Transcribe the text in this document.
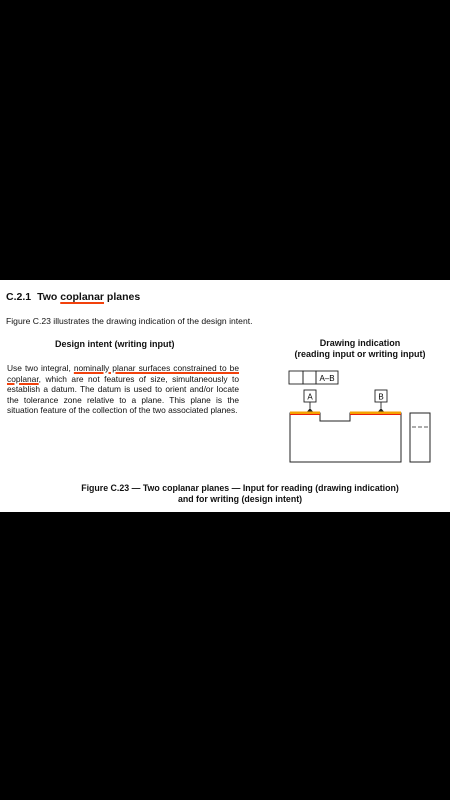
C.2.1 Two coplanar planes
Figure C.23 illustrates the drawing indication of the design intent.
Design intent (writing input)	Drawing indication
(reading input or writing input)

Use two integral, nominally planar surfaces constrained to be coplanar, which are not features of size, simultaneously to establish a datum. The datum is used to orient and/or locate the tolerance zone relative to a plane. This plane is the situation feature of the collection of the two associated planes.

A–B
A	B
Figure C.23 — Two coplanar planes — Input for reading (drawing indication)
and for writing (design intent)
